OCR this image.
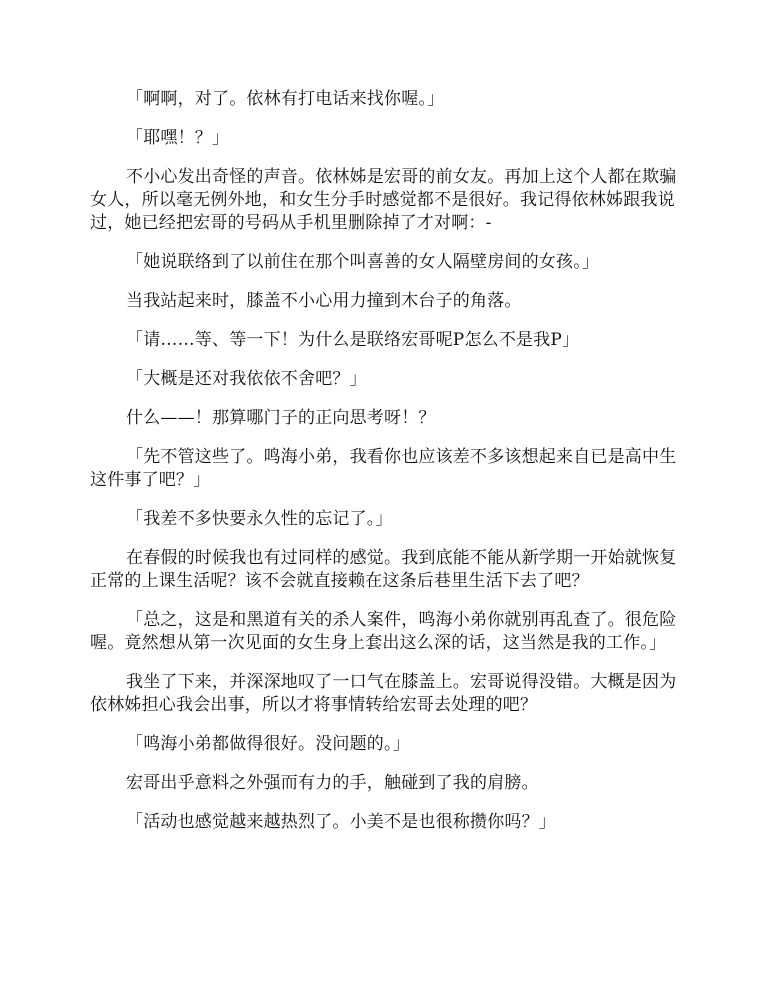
「啊啊，对了。依林有打电话来找你喔。」

「耶嘿！？」

不小心发出奇怪的声音。依林姊是宏哥的前女友。再加上这个人都在欺骗女人，所以毫无例外地，和女生分手时感觉都不是很好。我记得依林姊跟我说过，她已经把宏哥的号码从手机里删除掉了才对啊：-

「她说联络到了以前住在那个叫喜善的女人隔壁房间的女孩。」

当我站起来时，膝盖不小心用力撞到木台子的角落。

「请……等、等一下！为什么是联络宏哥呢P怎么不是我P」

「大概是还对我依依不舍吧？」

什么——！那算哪门子的正向思考呀！？

「先不管这些了。鸣海小弟，我看你也应该差不多该想起来自已是高中生这件事了吧？」

「我差不多快要永久性的忘记了。」

在春假的时候我也有过同样的感觉。我到底能不能从新学期一开始就恢复正常的上课生活呢？该不会就直接赖在这条后巷里生活下去了吧？

「总之，这是和黑道有关的杀人案件，鸣海小弟你就别再乱查了。很危险喔。竟然想从第一次见面的女生身上套出这么深的话，这当然是我的工作。」

我坐了下来，并深深地叹了一口气在膝盖上。宏哥说得没错。大概是因为依林姊担心我会出事，所以才将事情转给宏哥去处理的吧？

「鸣海小弟都做得很好。没问题的。」

宏哥出乎意料之外强而有力的手，触碰到了我的肩膀。

「活动也感觉越来越热烈了。小美不是也很称攒你吗？」
